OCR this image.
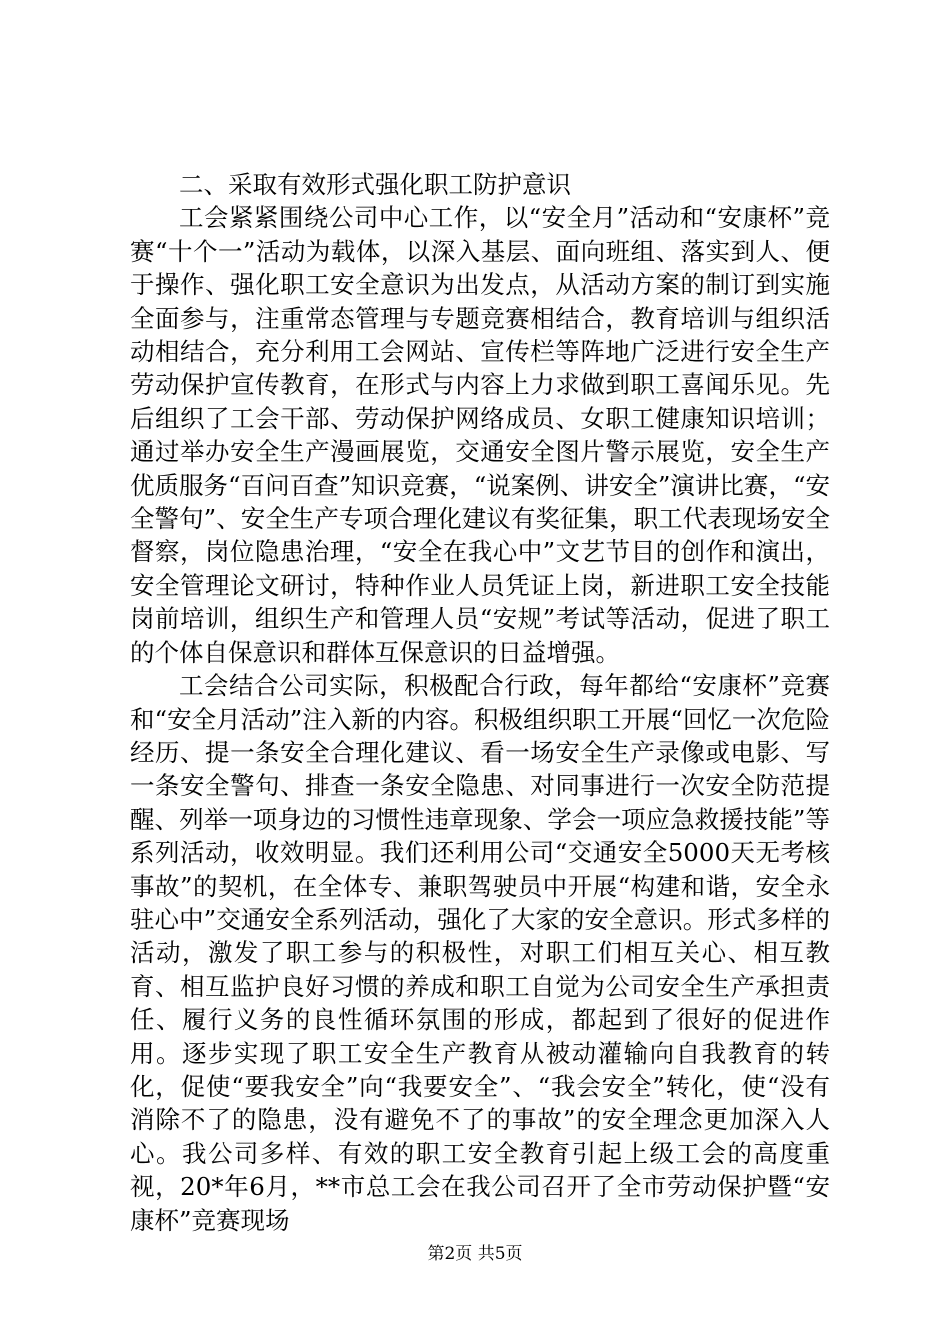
二、采取有效形式强化职工防护意识

工会紧紧围绕公司中心工作，以“安全月”活动和“安康杯”竞赛“十个一”活动为载体，以深入基层、面向班组、落实到人、便于操作、强化职工安全意识为出发点，从活动方案的制订到实施全面参与，注重常态管理与专题竞赛相结合，教育培训与组织活动相结合，充分利用工会网站、宣传栏等阵地广泛进行安全生产劳动保护宣传教育，在形式与内容上力求做到职工喜闻乐见。先后组织了工会干部、劳动保护网络成员、女职工健康知识培训；通过举办安全生产漫画展览，交通安全图片警示展览，安全生产优质服务“百问百查”知识竞赛，“说案例、讲安全”演讲比赛，“安全警句”、安全生产专项合理化建议有奖征集，职工代表现场安全督察，岗位隐患治理，“安全在我心中”文艺节目的创作和演出，安全管理论文研讨，特种作业人员凭证上岗，新进职工安全技能岗前培训，组织生产和管理人员“安规”考试等活动，促进了职工的个体自保意识和群体互保意识的日益增强。

工会结合公司实际，积极配合行政，每年都给“安康杯”竞赛和“安全月活动”注入新的内容。积极组织职工开展“回忆一次危险经历、提一条安全合理化建议、看一场安全生产录像或电影、写一条安全警句、排查一条安全隐患、对同事进行一次安全防范提醒、列举一项身边的习惯性违章现象、学会一项应急救援技能”等系列活动，收效明显。我们还利用公司“交通安全5000天无考核事故”的契机，在全体专、兼职驾驶员中开展“构建和谐，安全永驻心中”交通安全系列活动，强化了大家的安全意识。形式多样的活动，激发了职工参与的积极性，对职工们相互关心、相互教育、相互监护良好习惯的养成和职工自觉为公司安全生产承担责任、履行义务的良性循环氛围的形成，都起到了很好的促进作用。逐步实现了职工安全生产教育从被动灌输向自我教育的转化，促使“要我安全”向“我要安全”、“我会安全”转化，使“没有消除不了的隐患，没有避免不了的事故”的安全理念更加深入人心。我公司多样、有效的职工安全教育引起上级工会的高度重视，20*年6月，**市总工会在我公司召开了全市劳动保护暨“安康杯”竞赛现场

第2页 共5页
